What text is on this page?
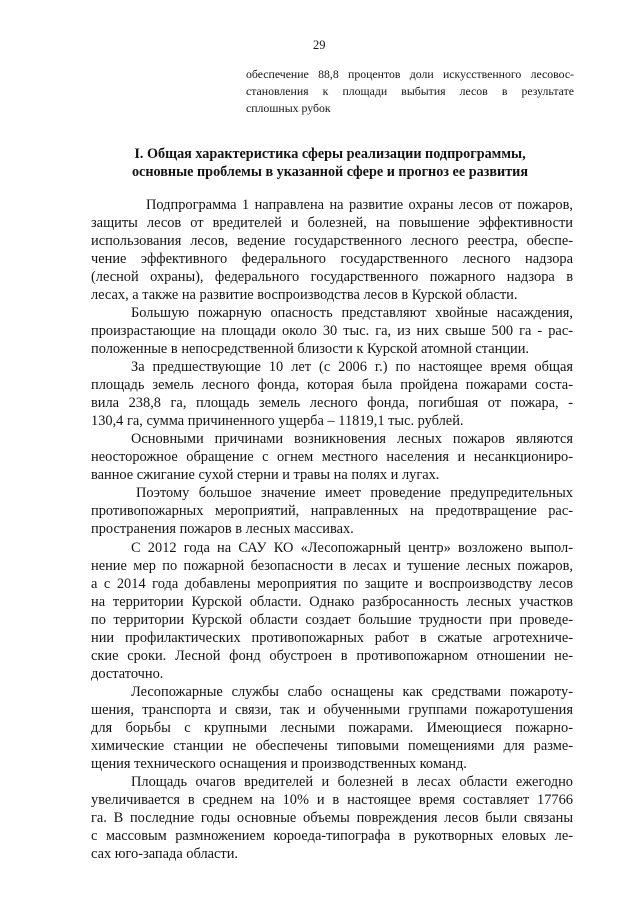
29
обеспечение 88,8 процентов доли искусственного лесовос-
становления к площади выбытия лесов в результате
сплошных рубок
I. Общая характеристика сферы реализации подпрограммы,
основные проблемы в указанной сфере и прогноз ее развития
Подпрограмма 1 направлена на развитие охраны лесов от пожаров,
защиты лесов от вредителей и болезней, на повышение эффективности
использования лесов, ведение государственного лесного реестра, обеспе-
чение эффективного федерального государственного лесного надзора
(лесной охраны), федерального государственного пожарного надзора в
лесах, а также на развитие воспроизводства лесов в Курской области.
Большую пожарную опасность представляют хвойные насаждения,
произрастающие на площади около 30 тыс. га, из них свыше 500 га - рас-
положенные в непосредственной близости к Курской атомной станции.
За предшествующие 10 лет (с 2006 г.) по настоящее время общая
площадь земель лесного фонда, которая была пройдена пожарами соста-
вила 238,8 га, площадь земель лесного фонда, погибшая от пожара, -
130,4 га, сумма причиненного ущерба – 11819,1 тыс. рублей.
Основными причинами возникновения лесных пожаров являются
неосторожное обращение с огнем местного населения и несанкциониро-
ванное сжигание сухой стерни и травы на полях и лугах.
Поэтому большое значение имеет проведение предупредительных
противопожарных мероприятий, направленных на предотвращение рас-
пространения пожаров в лесных массивах.
С 2012 года на САУ КО «Лесопожарный центр» возложено выпол-
нение мер по пожарной безопасности в лесах и тушение лесных пожаров,
а с 2014 года добавлены мероприятия по защите и воспроизводству лесов
на территории Курской области. Однако разбросанность лесных участков
по территории Курской области создает большие трудности при проведе-
нии профилактических противопожарных работ в сжатые агротехниче-
ские сроки. Лесной фонд обустроен в противопожарном отношении не-
достаточно.
Лесопожарные службы слабо оснащены как средствами пожароту-
шения, транспорта и связи, так и обученными группами пожаротушения
для борьбы с крупными лесными пожарами. Имеющиеся пожарно-
химические станции не обеспечены типовыми помещениями для разме-
щения технического оснащения и производственных команд.
Площадь очагов вредителей и болезней в лесах области ежегодно
увеличивается в среднем на 10% и в настоящее время составляет 17766
га. В последние годы основные объемы повреждения лесов были связаны
с массовым размножением короеда-типографа в рукотворных еловых ле-
сах юго-запада области.
